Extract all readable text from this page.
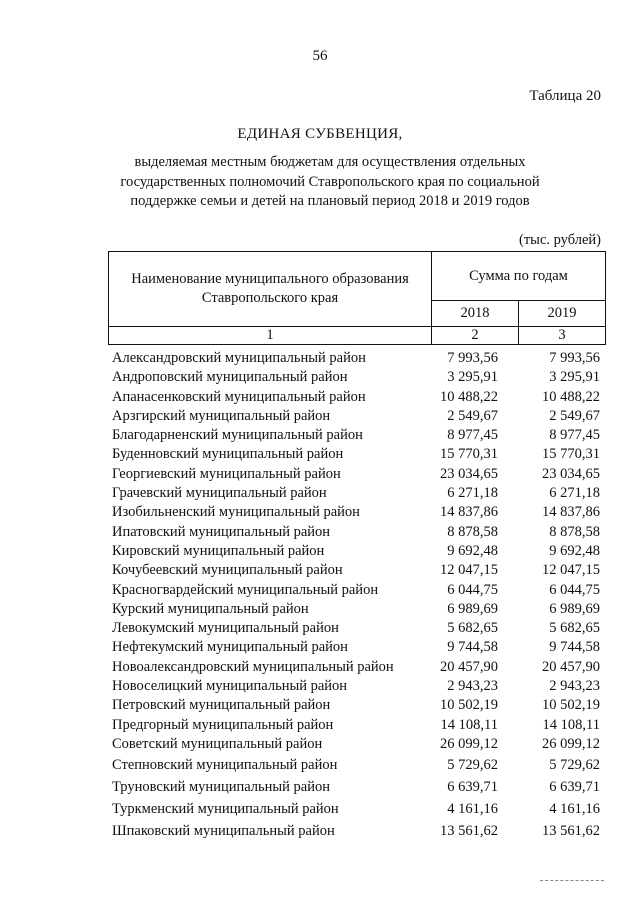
56
Таблица 20
ЕДИНАЯ СУБВЕНЦИЯ,
выделяемая местным бюджетам для осуществления отдельных
государственных полномочий Ставропольского края по социальной
поддержке семьи и детей на плановый период 2018 и 2019 годов
(тыс. рублей)
Наименование муниципального образования
Ставропольского края	Сумма по годам	
	2018	2019
1	2	3
Александровский муниципальный район	7 993,56	7 993,56
Андроповский муниципальный район	3 295,91	3 295,91
Апанасенковский муниципальный район	10 488,22	10 488,22
Арзгирский муниципальный район	2 549,67	2 549,67
Благодарненский муниципальный район	8 977,45	8 977,45
Буденновский муниципальный район	15 770,31	15 770,31
Георгиевский муниципальный район	23 034,65	23 034,65
Грачевский муниципальный район	6 271,18	6 271,18
Изобильненский муниципальный район	14 837,86	14 837,86
Ипатовский муниципальный район	8 878,58	8 878,58
Кировский муниципальный район	9 692,48	9 692,48
Кочубеевский муниципальный район	12 047,15	12 047,15
Красногвардейский муниципальный район	6 044,75	6 044,75
Курский муниципальный район	6 989,69	6 989,69
Левокумский муниципальный район	5 682,65	5 682,65
Нефтекумский муниципальный район	9 744,58	9 744,58
Новоалександровский муниципальный район	20 457,90	20 457,90
Новоселицкий муниципальный район	2 943,23	2 943,23
Петровский муниципальный район	10 502,19	10 502,19
Предгорный муниципальный район	14 108,11	14 108,11
Советский муниципальный район	26 099,12	26 099,12
Степновский муниципальный район	5 729,62	5 729,62
Труновский муниципальный район	6 639,71	6 639,71
Туркменский муниципальный район	4 161,16	4 161,16
Шпаковский муниципальный район	13 561,62	13 561,62
